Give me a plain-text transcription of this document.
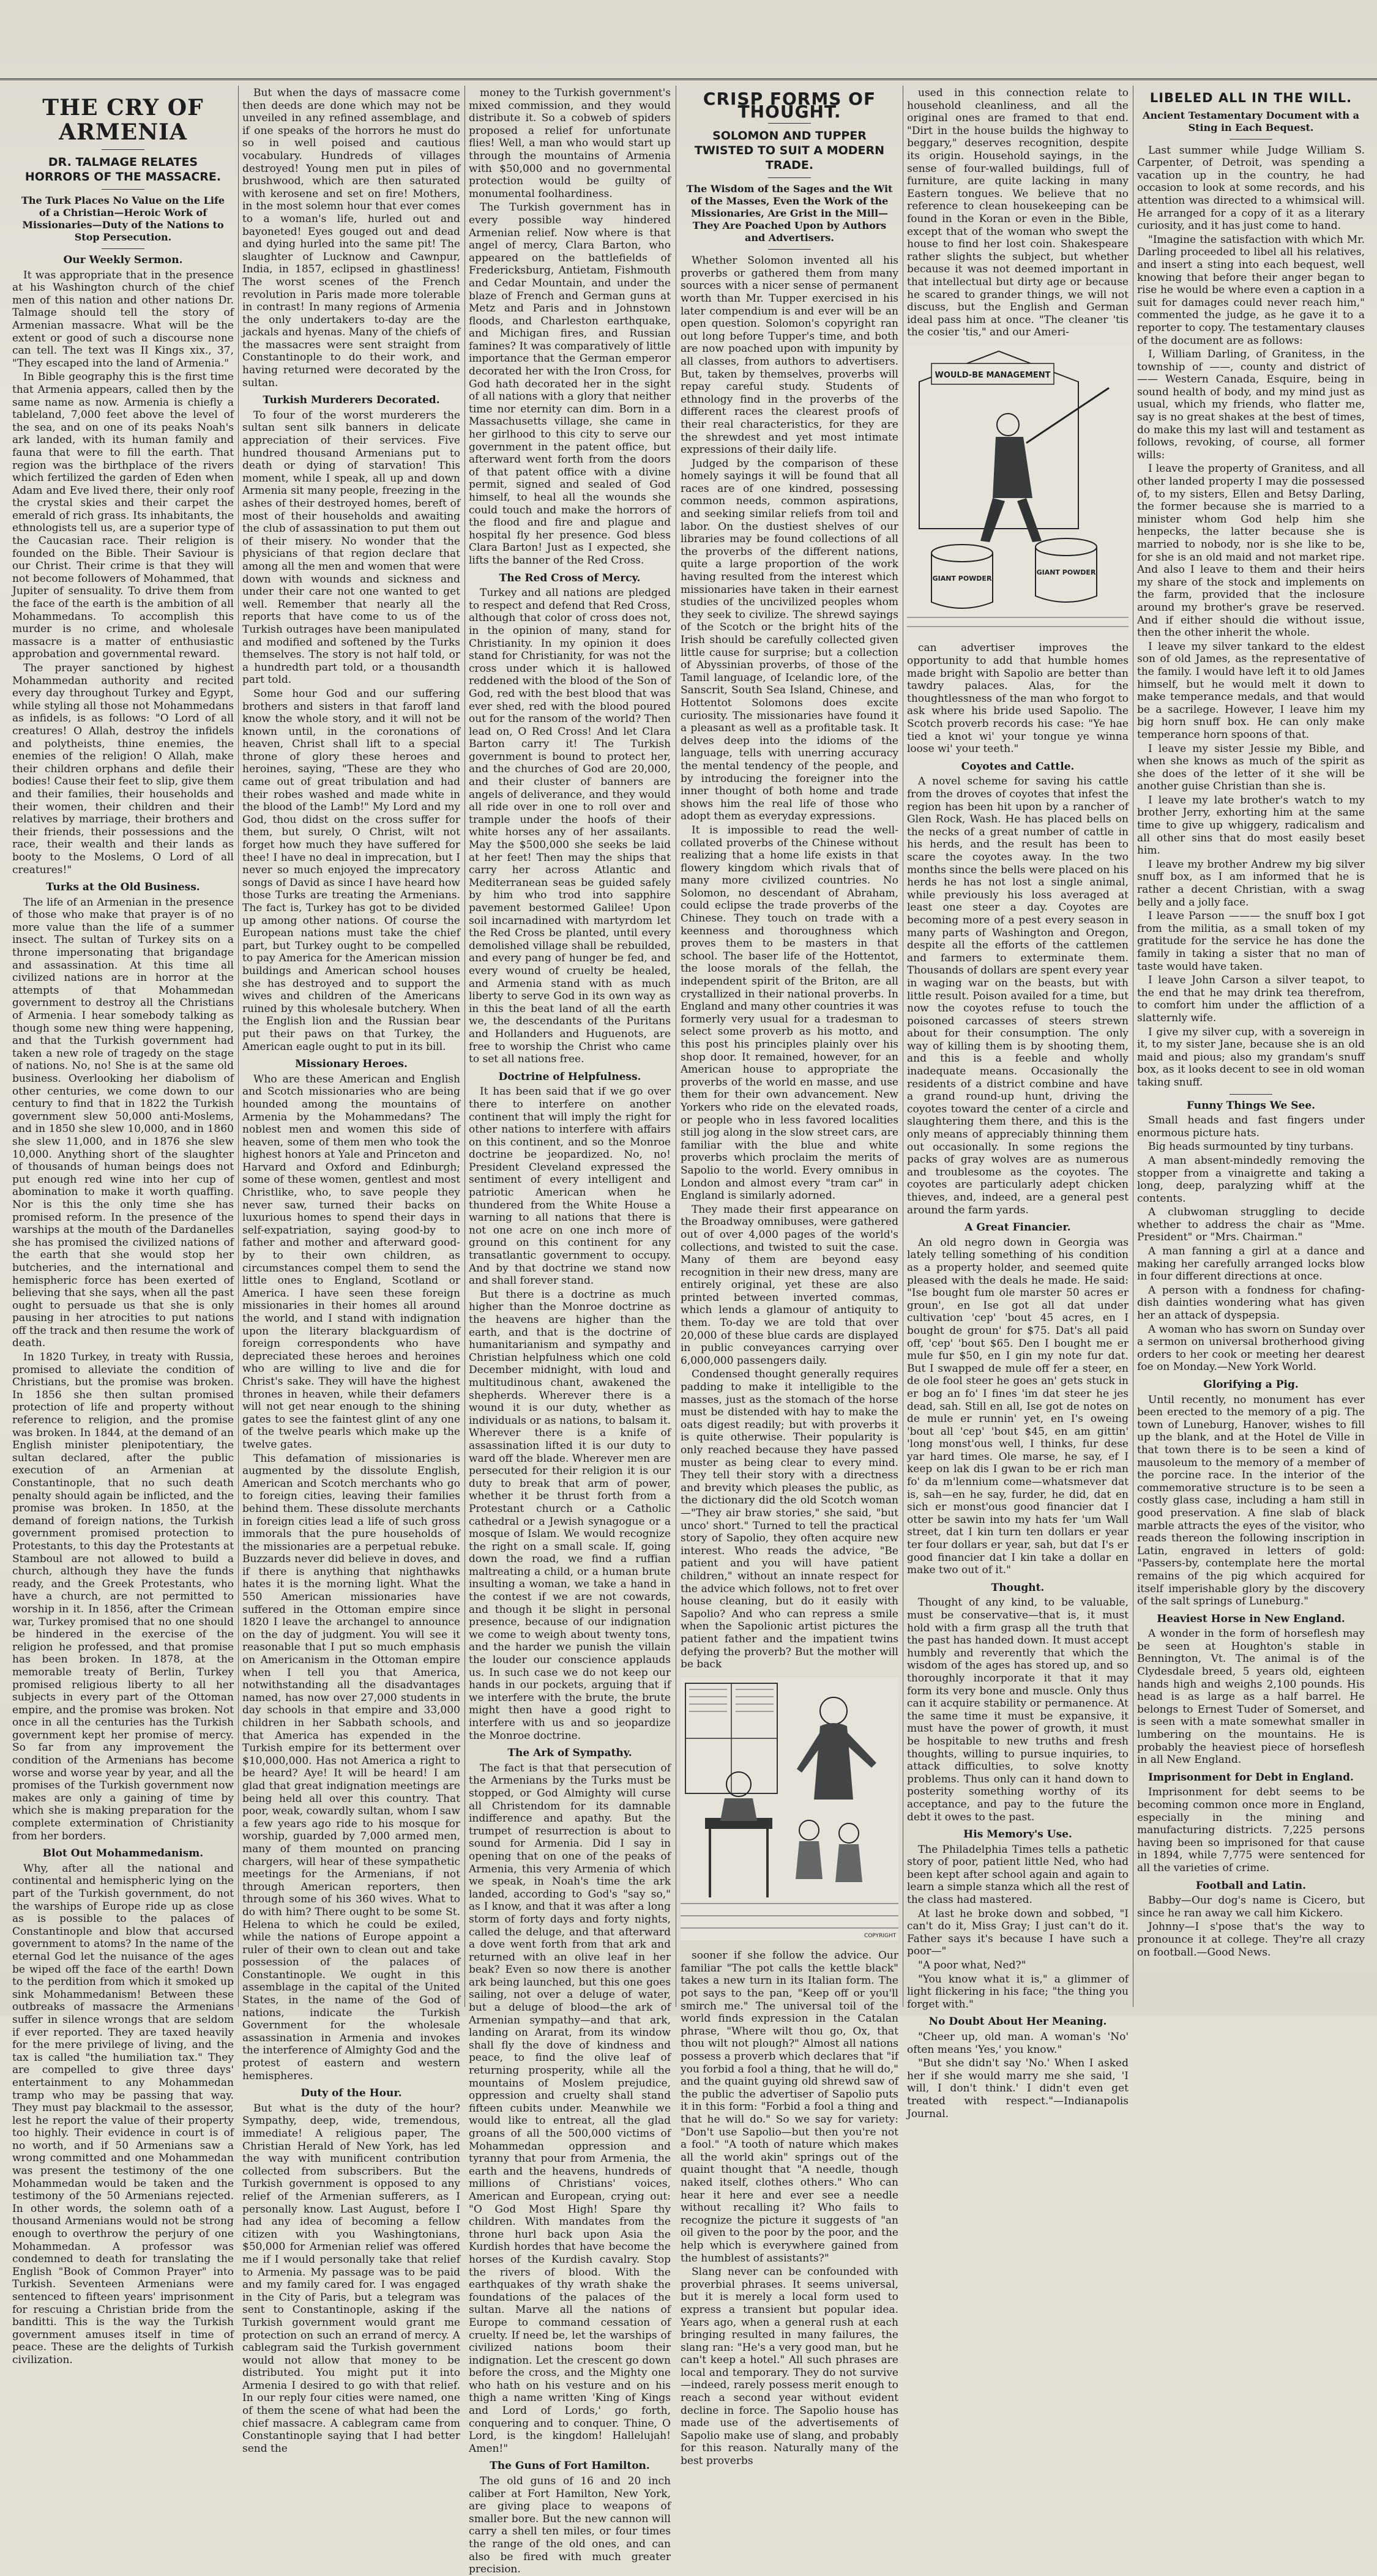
THE CRY OF ARMENIA
DR. TALMAGE RELATES HORRORS OF THE MASSACRE.
The Turk Places No Value on the Life of a Christian—Heroic Work of Missionaries—Duty of the Nations to Stop Persecution.
Our Weekly Sermon.

It was appropriate that in the presence at his Washington church of the chief men of this nation and other nations Dr. Talmage should tell the story of Armenian massacre. What will be the extent or good of such a discourse none can tell. The text was II Kings xix., 37, "They escaped into the land of Armenia."

In Bible geography this is the first time that Armenia appears, called then by the same name as now. Armenia is chiefly a tableland, 7,000 feet above the level of the sea, and on one of its peaks Noah's ark landed, with its human family and fauna that were to fill the earth. That region was the birthplace of the rivers which fertilized the garden of Eden when Adam and Eve lived there, their only roof the crystal skies and their carpet the emerald of rich grass. Its inhabitants, the ethnologists tell us, are a superior type of the Caucasian race. Their religion is founded on the Bible. Their Saviour is our Christ. Their crime is that they will not become followers of Mohammed, that Jupiter of sensuality. To drive them from the face of the earth is the ambition of all Mohammedans. To accomplish this murder is no crime, and wholesale massacre is a matter of enthusiastic approbation and governmental reward.

The prayer sanctioned by highest Mohammedan authority and recited every day throughout Turkey and Egypt, while styling all those not Mohammedans as infidels, is as follows: "O Lord of all creatures! O Allah, destroy the infidels and polytheists, thine enemies, the enemies of the religion! O Allah, make their children orphans and defile their bodies! Cause their feet to slip, give them and their families, their households and their women, their children and their relatives by marriage, their brothers and their friends, their possessions and the race, their wealth and their lands as booty to the Moslems, O Lord of all creatures!"

Turks at the Old Business.

The life of an Armenian in the presence of those who make that prayer is of no more value than the life of a summer insect. The sultan of Turkey sits on a throne impersonating that brigandage and assassination. At this time all civilized nations are in horror at the attempts of that Mohammedan government to destroy all the Christians of Armenia. I hear somebody talking as though some new thing were happening, and that the Turkish government had taken a new role of tragedy on the stage of nations. No, no! She is at the same old business. Overlooking her diabolism of other centuries, we come down to our century to find that in 1822 the Turkish government slew 50,000 anti-Moslems, and in 1850 she slew 10,000, and in 1860 she slew 11,000, and in 1876 she slew 10,000. Anything short of the slaughter of thousands of human beings does not put enough red wine into her cup of abomination to make it worth quaffing. Nor is this the only time she has promised reform. In the presence of the warships at the mouth of the Dardanelles she has promised the civilized nations of the earth that she would stop her butcheries, and the international and hemispheric force has been exerted of believing that she says, when all the past ought to persuade us that she is only pausing in her atrocities to put nations off the track and then resume the work of death.

In 1820 Turkey, in treaty with Russia, promised to alleviate the condition of Christians, but the promise was broken. In 1856 she then sultan promised protection of life and property without reference to religion, and the promise was broken. In 1844, at the demand of an English minister plenipotentiary, the sultan declared, after the public execution of an Armenian at Constantinople, that no such death penalty should again be inflicted, and the promise was broken. In 1850, at the demand of foreign nations, the Turkish government promised protection to Protestants, to this day the Protestants at Stamboul are not allowed to build a church, although they have the funds ready, and the Greek Protestants, who have a church, are not permitted to worship in it. In 1856, after the Crimean war, Turkey promised that no one should be hindered in the exercise of the religion he professed, and that promise has been broken. In 1878, at the memorable treaty of Berlin, Turkey promised religious liberty to all her subjects in every part of the Ottoman empire, and the promise was broken. Not once in all the centuries has the Turkish government kept her promise of mercy. So far from any improvement the condition of the Armenians has become worse and worse year by year, and all the promises of the Turkish government now makes are only a gaining of time by which she is making preparation for the complete extermination of Christianity from her borders.

Blot Out Mohammedanism.

Why, after all the national and continental and hemispheric lying on the part of the Turkish government, do not the warships of Europe ride up as close as is possible to the palaces of Constantinople and blow that accursed government to atoms? In the name of the eternal God let the nuisance of the ages be wiped off the face of the earth! Down to the perdition from which it smoked up sink Mohammedanism! Between these outbreaks of massacre the Armenians suffer in silence wrongs that are seldom if ever reported. They are taxed heavily for the mere privilege of living, and the tax is called "the humiliation tax." They are compelled to give three days' entertainment to any Mohammedan tramp who may be passing that way. They must pay blackmail to the assessor, lest he report the value of their property too highly. Their evidence in court is of no worth, and if 50 Armenians saw a wrong committed and one Mohammedan was present the testimony of the one Mohammedan would be taken and the testimony of the 50 Armenians rejected. In other words, the solemn oath of a thousand Armenians would not be strong enough to overthrow the perjury of one Mohammedan. A professor was condemned to death for translating the English "Book of Common Prayer" into Turkish. Seventeen Armenians were sentenced to fifteen years' imprisonment for rescuing a Christian bride from the banditti. This is the way the Turkish government amuses itself in time of peace. These are the delights of Turkish civilization.

But when the days of massacre come then deeds are done which may not be unveiled in any refined assemblage, and if one speaks of the horrors he must do so in well poised and cautious vocabulary. Hundreds of villages destroyed! Young men put in piles of brushwood, which are then saturated with kerosene and set on fire! Mothers, in the most solemn hour that ever comes to a woman's life, hurled out and bayoneted! Eyes gouged out and dead and dying hurled into the same pit! The slaughter of Lucknow and Cawnpur, India, in 1857, eclipsed in ghastliness! The worst scenes of the French revolution in Paris made more tolerable in contrast! In many regions of Armenia the only undertakers to-day are the jackals and hyenas. Many of the chiefs of the massacres were sent straight from Constantinople to do their work, and having returned were decorated by the sultan.

Turkish Murderers Decorated.

To four of the worst murderers the sultan sent silk banners in delicate appreciation of their services. Five hundred thousand Armenians put to death or dying of starvation! This moment, while I speak, all up and down Armenia sit many people, freezing in the ashes of their destroyed homes, bereft of most of their households and awaiting the club of assassination to put them out of their misery. No wonder that the physicians of that region declare that among all the men and women that were down with wounds and sickness and under their care not one wanted to get well. Remember that nearly all the reports that have come to us of the Turkish outrages have been manipulated and modified and softened by the Turks themselves. The story is not half told, or a hundredth part told, or a thousandth part told.

Some hour God and our suffering brothers and sisters in that faroff land know the whole story, and it will not be known until, in the coronations of heaven, Christ shall lift to a special throne of glory these heroes and heroines, saying, "These are they who came out of great tribulation and had their robes washed and made white in the blood of the Lamb!" My Lord and my God, thou didst on the cross suffer for them, but surely, O Christ, wilt not forget how much they have suffered for thee! I have no deal in imprecation, but I never so much enjoyed the imprecatory songs of David as since I have heard how those Turks are treating the Armenians. The fact is, Turkey has got to be divided up among other nations. Of course the European nations must take the chief part, but Turkey ought to be compelled to pay America for the American mission buildings and American school houses she has destroyed and to support the wives and children of the Americans ruined by this wholesale butchery. When the English lion and the Russian bear put their paws on that Turkey, the American eagle ought to put in its bill.

Missionary Heroes.

Who are these American and English and Scotch missionaries who are being hounded among the mountains of Armenia by the Mohammedans? The noblest men and women this side of heaven, some of them men who took the highest honors at Yale and Princeton and Harvard and Oxford and Edinburgh; some of these women, gentlest and most Christlike, who, to save people they never saw, turned their backs on luxurious homes to spend their days in self-expatriation, saying good-by to father and mother and afterward good-by to their own children, as circumstances compel them to send the little ones to England, Scotland or America. I have seen these foreign missionaries in their homes all around the world, and I stand with indignation upon the literary blackguardism of foreign correspondents who have depreciated these heroes and heroines who are willing to live and die for Christ's sake. They will have the highest thrones in heaven, while their defamers will not get near enough to the shining gates to see the faintest glint of any one of the twelve pearls which make up the twelve gates.

This defamation of missionaries is augmented by the dissolute English, American and Scotch merchants who go to foreign cities, leaving their families behind them. These dissolute merchants in foreign cities lead a life of such gross immorals that the pure households of the missionaries are a perpetual rebuke. Buzzards never did believe in doves, and if there is anything that nighthawks hates it is the morning light. What the 550 American missionaries have suffered in the Ottoman empire since 1820 I leave the archangel to announce on the day of judgment. You will see it reasonable that I put so much emphasis on Americanism in the Ottoman empire when I tell you that America, notwithstanding all the disadvantages named, has now over 27,000 students in day schools in that empire and 33,000 children in her Sabbath schools, and that America has expended in the Turkish empire for its betterment over $10,000,000. Has not America a right to be heard? Aye! It will be heard! I am glad that great indignation meetings are being held all over this country. That poor, weak, cowardly sultan, whom I saw a few years ago ride to his mosque for worship, guarded by 7,000 armed men, many of them mounted on prancing chargers, will hear of these sympathetic meetings for the Armenians, if not through American reporters, then through some of his 360 wives. What to do with him? There ought to be some St. Helena to which he could be exiled, while the nations of Europe appoint a ruler of their own to clean out and take possession of the palaces of Constantinople. We ought in this assemblage in the capital of the United States, in the name of the God of nations, indicate the Turkish Government for the wholesale assassination in Armenia and invokes the interference of Almighty God and the protest of eastern and western hemispheres.

Duty of the Hour.

But what is the duty of the hour? Sympathy, deep, wide, tremendous, immediate! A religious paper, The Christian Herald of New York, has led the way with munificent contribution collected from subscribers. But the Turkish government is opposed to any relief of the Armenian sufferers, as I personally know. Last August, before I had any idea of becoming a fellow citizen with you Washingtonians, $50,000 for Armenian relief was offered me if I would personally take that relief to Armenia. My passage was to be paid and my family cared for. I was engaged in the City of Paris, but a telegram was sent to Constantinople, asking if the Turkish government would grant me protection on such an errand of mercy. A cablegram said the Turkish government would not allow that money to be distributed. You might put it into Armenia I desired to go with that relief. In our reply four cities were named, one of them the scene of what had been the chief massacre. A cablegram came from Constantinople saying that I had better send the

money to the Turkish government's mixed commission, and they would distribute it. So a cobweb of spiders proposed a relief for unfortunate flies! Well, a man who would start up through the mountains of Armenia with $50,000 and no governmental protection would be guilty of monumental foolhardiness.

The Turkish government has in every possible way hindered Armenian relief. Now where is that angel of mercy, Clara Barton, who appeared on the battlefields of Fredericksburg, Antietam, Fishmouth and Cedar Mountain, and under the blaze of French and German guns at Metz and Paris and in Johnstown floods, and Charleston earthquake, and Michigan fires, and Russian famines? It was comparatively of little importance that the German emperor decorated her with the Iron Cross, for God hath decorated her in the sight of all nations with a glory that neither time nor eternity can dim. Born in a Massachusetts village, she came in her girlhood to this city to serve our government in the patent office, but afterward went forth from the doors of that patent office with a divine permit, signed and sealed of God himself, to heal all the wounds she could touch and make the horrors of the flood and fire and plague and hospital fly her presence. God bless Clara Barton! Just as I expected, she lifts the banner of the Red Cross.

The Red Cross of Mercy.

Turkey and all nations are pledged to respect and defend that Red Cross, although that color of cross does not, in the opinion of many, stand for Christianity. In my opinion it does stand for Christianity, for was not the cross under which it is hallowed reddened with the blood of the Son of God, red with the best blood that was ever shed, red with the blood poured out for the ransom of the world? Then lead on, O Red Cross! And let Clara Barton carry it! The Turkish government is bound to protect her, and the churches of God are 20,000, and their cluster of banners are angels of deliverance, and they would all ride over in one to roll over and trample under the hoofs of their white horses any of her assailants. May the $500,000 she seeks be laid at her feet! Then may the ships that carry her across Atlantic and Mediterranean seas be guided safely by him who trod into sapphire pavement bestormed Galilee! Upon soil incarnadined with martyrdom let the Red Cross be planted, until every demolished village shall be rebuilded, and every pang of hunger be fed, and every wound of cruelty be healed, and Armenia stand with as much liberty to serve God in its own way as in this the beat land of all the earth we, the descendants of the Puritans and Hollanders and Huguenots, are free to worship the Christ who came to set all nations free.

Doctrine of Helpfulness.

It has been said that if we go over there to interfere on another continent that will imply the right for other nations to interfere with affairs on this continent, and so the Monroe doctrine be jeopardized. No, no! President Cleveland expressed the sentiment of every intelligent and patriotic American when he thundered from the White House a warning to all nations that there is not one acre on one inch more of ground on this continent for any transatlantic government to occupy. And by that doctrine we stand now and shall forever stand.

But there is a doctrine as much higher than the Monroe doctrine as the heavens are higher than the earth, and that is the doctrine of humanitarianism and sympathy and Christian helpfulness which one cold December midnight, with loud and multitudinous chant, awakened the shepherds. Wherever there is a wound it is our duty, whether as individuals or as nations, to balsam it. Wherever there is a knife of assassination lifted it is our duty to ward off the blade. Wherever men are persecuted for their religion it is our duty to break that arm of power, whether it be thrust forth from a Protestant church or a Catholic cathedral or a Jewish synagogue or a mosque of Islam. We would recognize the right on a small scale. If, going down the road, we find a ruffian maltreating a child, or a human brute insulting a woman, we take a hand in the contest if we are not cowards, and though it be slight in personal presence, because of our indignation we come to weigh about twenty tons, and the harder we punish the villain the louder our conscience applauds us. In such case we do not keep our hands in our pockets, arguing that if we interfere with the brute, the brute might then have a good right to interfere with us and so jeopardize the Monroe doctrine.

The Ark of Sympathy.

The fact is that that persecution of the Armenians by the Turks must be stopped, or God Almighty will curse all Christendom for its damnable indifference and apathy. But the trumpet of resurrection is about to sound for Armenia. Did I say in opening that on one of the peaks of Armenia, this very Armenia of which we speak, in Noah's time the ark landed, according to God's "say so," as I know, and that it was after a long storm of forty days and forty nights, called the deluge, and that afterward a dove went forth from that ark and returned with an olive leaf in her beak? Even so now there is another ark being launched, but this one goes sailing, not over a deluge of water, but a deluge of blood—the ark of Armenian sympathy—and that ark, landing on Ararat, from its window shall fly the dove of kindness and peace, to find the olive leaf of returning prosperity, while all the mountains of Moslem prejudice, oppression and cruelty shall stand fifteen cubits under. Meanwhile we would like to entreat, all the glad groans of all the 500,000 victims of Mohammedan oppression and tyranny that pour from Armenia, the earth and the heavens, hundreds of millions of Christians' voices, American and European, crying out: "O God Most High! Spare thy children. With mandates from the throne hurl back upon Asia the Kurdish hordes that have become the horses of the Kurdish cavalry. Stop the rivers of blood. With the earthquakes of thy wrath shake the foundations of the palaces of the sultan. Marve all the nations of Europe to command cessation of cruelty. If need be, let the warships of civilized nations boom their indignation. Let the crescent go down before the cross, and the Mighty one who hath on his vesture and on his thigh a name written 'King of Kings and Lord of Lords,' go forth, conquering and to conquer. Thine, O Lord, is the kingdom! Hallelujah! Amen!"

The Guns of Fort Hamilton.

The old guns of 16 and 20 inch caliber at Fort Hamilton, New York, are giving place to weapons of smaller bore. But the new cannon will carry a shell ten miles, or four times the range of the old ones, and can also be fired with much greater precision.

CRISP FORMS OF THOUGHT.
SOLOMON AND TUPPER TWISTED TO SUIT A MODERN TRADE.
The Wisdom of the Sages and the Wit of the Masses, Even the Work of the Missionaries, Are Grist in the Mill—They Are Poached Upon by Authors and Advertisers.

Whether Solomon invented all his proverbs or gathered them from many sources with a nicer sense of permanent worth than Mr. Tupper exercised in his later compendium is and ever will be an open question. Solomon's copyright ran out long before Tupper's time, and both are now poached upon with impunity by all classes, from authors to advertisers. But, taken by themselves, proverbs will repay careful study. Students of ethnology find in the proverbs of the different races the clearest proofs of their real characteristics, for they are the shrewdest and yet most intimate expressions of their daily life.

Judged by the comparison of these homely sayings it will be found that all races are of one kindred, possessing common needs, common aspirations, and seeking similar reliefs from toil and labor. On the dustiest shelves of our libraries may be found collections of all the proverbs of the different nations, quite a large proportion of the work having resulted from the interest which missionaries have taken in their earnest studies of the uncivilized peoples whom they seek to civilize. The shrewd sayings of the Scotch or the bright hits of the Irish should be carefully collected given little cause for surprise; but a collection of Abyssinian proverbs, of those of the Tamil language, of Icelandic lore, of the Sanscrit, South Sea Island, Chinese, and Hottentot Solomons does excite curiosity. The missionaries have found it a pleasant as well as a profitable task. It delves deep into the idioms of the language, tells with unerring accuracy the mental tendency of the people, and by introducing the foreigner into the inner thought of both home and trade shows him the real life of those who adopt them as everyday expressions.

It is impossible to read the well-collated proverbs of the Chinese without realizing that a home life exists in that flowery kingdom which rivals that of many more civilized countries. No Solomon, no descendant of Abraham, could eclipse the trade proverbs of the Chinese. They touch on trade with a keenness and thoroughness which proves them to be masters in that school. The baser life of the Hottentot, the loose morals of the fellah, the independent spirit of the Briton, are all crystallized in their national proverbs. In England and many other countries it was formerly very usual for a tradesman to select some proverb as his motto, and this post his principles plainly over his shop door. It remained, however, for an American house to appropriate the proverbs of the world en masse, and use them for their own advancement. New Yorkers who ride on the elevated roads, or people who in less favored localities still jog along in the slow street cars, are familiar with the blue and white proverbs which proclaim the merits of Sapolio to the world. Every omnibus in London and almost every "tram car" in England is similarly adorned.

They made their first appearance on the Broadway omnibuses, were gathered out of over 4,000 pages of the world's collections, and twisted to suit the case. Many of them are beyond easy recognition in their new dress, many are entirely original, yet these are also printed between inverted commas, which lends a glamour of antiquity to them. To-day we are told that over 20,000 of these blue cards are displayed in public conveyances carrying over 6,000,000 passengers daily.

Condensed thought generally requires padding to make it intelligible to the masses, just as the stomach of the horse must be distended with hay to make the oats digest readily; but with proverbs it is quite otherwise. Their popularity is only reached because they have passed muster as being clear to every mind. They tell their story with a directness and brevity which pleases the public, as the dictionary did the old Scotch woman—"They air braw stories," she said, "but unco' short." Turned to tell the practical story of Sapolio, they often acquire new interest. Who reads the advice, "Be patient and you will have patient children," without an innate respect for the advice which follows, not to fret over house cleaning, but do it easily with Sapolio? And who can repress a smile when the Sapolionic artist pictures the patient father and the impatient twins defying the proverb? But the mother will be back

COPYRIGHT

sooner if she follow the advice. Our familiar "The pot calls the kettle black" takes a new turn in its Italian form. The pot says to the pan, "Keep off or you'll smirch me." The universal toil of the world finds expression in the Catalan phrase, "Where wilt thou go, Ox, that thou wilt not plough?" Almost all nations possess a proverb which declares that "if you forbid a fool a thing, that he will do," and the quaint guying old shrewd saw of the public the advertiser of Sapolio puts it in this form: "Forbid a fool a thing and that he will do." So we say for variety: "Don't use Sapolio—but then you're not a fool." "A tooth of nature which makes all the world akin" springs out of the quaint thought that "A needle, though naked itself, clothes others." Who can hear it here and ever see a needle without recalling it? Who fails to recognize the picture it suggests of "an oil given to the poor by the poor, and the help which is everywhere gained from the humblest of assistants?"

Slang never can be confounded with proverbial phrases. It seems universal, but it is merely a local form used to express a transient but popular idea. Years ago, when a general rush at each bringing resulted in many failures, the slang ran: "He's a very good man, but he can't keep a hotel." All such phrases are local and temporary. They do not survive—indeed, rarely possess merit enough to reach a second year without evident decline in force. The Sapolio house has made use of the advertisements of Sapolio make use of slang, and probably for this reason. Naturally many of the best proverbs

used in this connection relate to household cleanliness, and all the original ones are framed to that end. "Dirt in the house builds the highway to beggary," deserves recognition, despite its origin. Household sayings, in the sense of four-walled buildings, full of furniture, are quite lacking in many Eastern tongues. We believe that no reference to clean housekeeping can be found in the Koran or even in the Bible, except that of the woman who swept the house to find her lost coin. Shakespeare rather slights the subject, but whether because it was not deemed important in that intellectual but dirty age or because he scared to grander things, we will not discuss, but the English and German ideal pass him at once. "The cleaner 'tis the cosier 'tis," and our Ameri-

WOULD-BE MANAGEMENT
GIANT POWDER
GIANT POWDER

can advertiser improves the opportunity to add that humble homes made bright with Sapolio are better than tawdry palaces. Alas, for the thoughtlessness of the man who forgot to ask where his bride used Sapolio. The Scotch proverb records his case: "Ye hae tied a knot wi' your tongue ye winna loose wi' your teeth."

Coyotes and Cattle.

A novel scheme for saving his cattle from the droves of coyotes that infest the region has been hit upon by a rancher of Glen Rock, Wash. He has placed bells on the necks of a great number of cattle in his herds, and the result has been to scare the coyotes away. In the two months since the bells were placed on his herds he has not lost a single animal, while previously his loss averaged at least one steer a day. Coyotes are becoming more of a pest every season in many parts of Washington and Oregon, despite all the efforts of the cattlemen and farmers to exterminate them. Thousands of dollars are spent every year in waging war on the beasts, but with little result. Poison availed for a time, but now the coyotes refuse to touch the poisoned carcasses of steers strewn about for their consumption. The only way of killing them is by shooting them, and this is a feeble and wholly inadequate means. Occasionally the residents of a district combine and have a grand round-up hunt, driving the coyotes toward the center of a circle and slaughtering them there, and this is the only means of appreciably thinning them out occasionally. In some regions the packs of gray wolves are as numerous and troublesome as the coyotes. The coyotes are particularly adept chicken thieves, and, indeed, are a general pest around the farm yards.

A Great Financier.

An old negro down in Georgia was lately telling something of his condition as a property holder, and seemed quite pleased with the deals he made. He said: "Ise bought fum ole marster 50 acres er groun', en Ise got all dat under cultivation 'cep' 'bout 45 acres, en I bought de groun' for $75. Dat's all paid off, 'cep' 'bout $65. Den I bought me er mule fur $50, en I gin my note fur dat. But I swapped de mule off fer a steer, en de ole fool steer he goes an' gets stuck in er bog an fo' I fines 'im dat steer he jes dead, sah. Still en all, Ise got de notes on de mule er runnin' yet, en I's oweing 'bout all 'cep' 'bout $45, en am gittin' 'long monst'ous well, I thinks, fur dese yar hard times. Ole marse, he say, ef I keep on lak dis I gwan to be er rich man fo' da m'lennium come—whatsmever dat is, sah—en he say, furder, he did, dat en sich er monst'ous good financier dat I otter be sawin into my hats fer 'um Wall street, dat I kin turn ten dollars er year ter four dollars er year, sah, but dat I's er good financier dat I kin take a dollar en make two out of it."

Thought.

Thought of any kind, to be valuable, must be conservative—that is, it must hold with a firm grasp all the truth that the past has handed down. It must accept humbly and reverently that which the wisdom of the ages has stored up, and so thoroughly incorporate it that it may form its very bone and muscle. Only thus can it acquire stability or permanence. At the same time it must be expansive, it must have the power of growth, it must be hospitable to new truths and fresh thoughts, willing to pursue inquiries, to attack difficulties, to solve knotty problems. Thus only can it hand down to posterity something worthy of its acceptance, and pay to the future the debt it owes to the past.

His Memory's Use.

The Philadelphia Times tells a pathetic story of poor, patient little Ned, who had been kept after school again and again to learn a simple stanza which all the rest of the class had mastered.

At last he broke down and sobbed, "I can't do it, Miss Gray; I just can't do it. Father says it's because I have such a poor—"

"A poor what, Ned?"

"You know what it is," a glimmer of light flickering in his face; "the thing you forget with."

No Doubt About Her Meaning.

"Cheer up, old man. A woman's 'No' often means 'Yes,' you know."

"But she didn't say 'No.' When I asked her if she would marry me she said, 'I will, I don't think.' I didn't even get treated with respect."—Indianapolis Journal.

LIBELED ALL IN THE WILL.
Ancient Testamentary Document with a Sting in Each Bequest.

Last summer while Judge William S. Carpenter, of Detroit, was spending a vacation up in the country, he had occasion to look at some records, and his attention was directed to a whimsical will. He arranged for a copy of it as a literary curiosity, and it has just come to hand.

"Imagine the satisfaction with which Mr. Darling proceeded to libel all his relatives, and insert a sting into each bequest, well knowing that before their anger began to rise he would be where even a caption in a suit for damages could never reach him," commented the judge, as he gave it to a reporter to copy. The testamentary clauses of the document are as follows:

I, William Darling, of Granitess, in the township of ——, county and district of —— Western Canada, Esquire, being in sound health of body, and my mind just as usual, which my friends, who flatter me, say is no great shakes at the best of times, do make this my last will and testament as follows, revoking, of course, all former wills:

I leave the property of Granitess, and all other landed property I may die possessed of, to my sisters, Ellen and Betsy Darling, the former because she is married to a minister whom God help him she henpecks, the latter because she is married to nobody, nor is she like to be, for she is an old maid and not market ripe. And also I leave to them and their heirs my share of the stock and implements on the farm, provided that the inclosure around my brother's grave be reserved. And if either should die without issue, then the other inherit the whole.

I leave my silver tankard to the eldest son of old James, as the representative of the family. I would have left it to old James himself, but he would melt it down to make temperance medals, and that would be a sacrilege. However, I leave him my big horn snuff box. He can only make temperance horn spoons of that.

I leave my sister Jessie my Bible, and when she knows as much of the spirit as she does of the letter of it she will be another guise Christian than she is.

I leave my late brother's watch to my brother Jerry, exhorting him at the same time to give up whiggery, radicalism and all other sins that do most easily beset him.

I leave my brother Andrew my big silver snuff box, as I am informed that he is rather a decent Christian, with a swag belly and a jolly face.

I leave Parson ——— the snuff box I got from the militia, as a small token of my gratitude for the service he has done the family in taking a sister that no man of taste would have taken.

I leave John Carson a silver teapot, to the end that he may drink tea therefrom, to comfort him under the affliction of a slatternly wife.

I give my silver cup, with a sovereign in it, to my sister Jane, because she is an old maid and pious; also my grandam's snuff box, as it looks decent to see in old woman taking snuff.

Funny Things We See.

Small heads and fast fingers under enormous picture hats.

Big heads surmounted by tiny turbans.

A man absent-mindedly removing the stopper from a vinaigrette and taking a long, deep, paralyzing whiff at the contents.

A clubwoman struggling to decide whether to address the chair as "Mme. President" or "Mrs. Chairman."

A man fanning a girl at a dance and making her carefully arranged locks blow in four different directions at once.

A person with a fondness for chafing-dish dainties wondering what has given her an attack of dyspepsia.

A woman who has sworn on Sunday over a sermon on universal brotherhood giving orders to her cook or meeting her dearest foe on Monday.—New York World.

Glorifying a Pig.

Until recently, no monument has ever been erected to the memory of a pig. The town of Luneburg, Hanover, wishes to fill up the blank, and at the Hotel de Ville in that town there is to be seen a kind of mausoleum to the memory of a member of the porcine race. In the interior of the commemorative structure is to be seen a costly glass case, including a ham still in good preservation. A fine slab of black marble attracts the eyes of the visitor, who reads thereon the following inscription in Latin, engraved in letters of gold: "Passers-by, contemplate here the mortal remains of the pig which acquired for itself imperishable glory by the discovery of the salt springs of Luneburg."

Heaviest Horse in New England.

A wonder in the form of horseflesh may be seen at Houghton's stable in Bennington, Vt. The animal is of the Clydesdale breed, 5 years old, eighteen hands high and weighs 2,100 pounds. His head is as large as a half barrel. He belongs to Ernest Tuder of Somerset, and is seen with a mate somewhat smaller in lumbering on the mountains. He is probably the heaviest piece of horseflesh in all New England.

Imprisonment for Debt in England.

Imprisonment for debt seems to be becoming common once more in England, especially in the mining and manufacturing districts. 7,225 persons having been so imprisoned for that cause in 1894, while 7,775 were sentenced for all the varieties of crime.

Football and Latin.

Babby—Our dog's name is Cicero, but since he ran away we call him Kickero.

Johnny—I s'pose that's the way to pronounce it at college. They're all crazy on football.—Good News.
